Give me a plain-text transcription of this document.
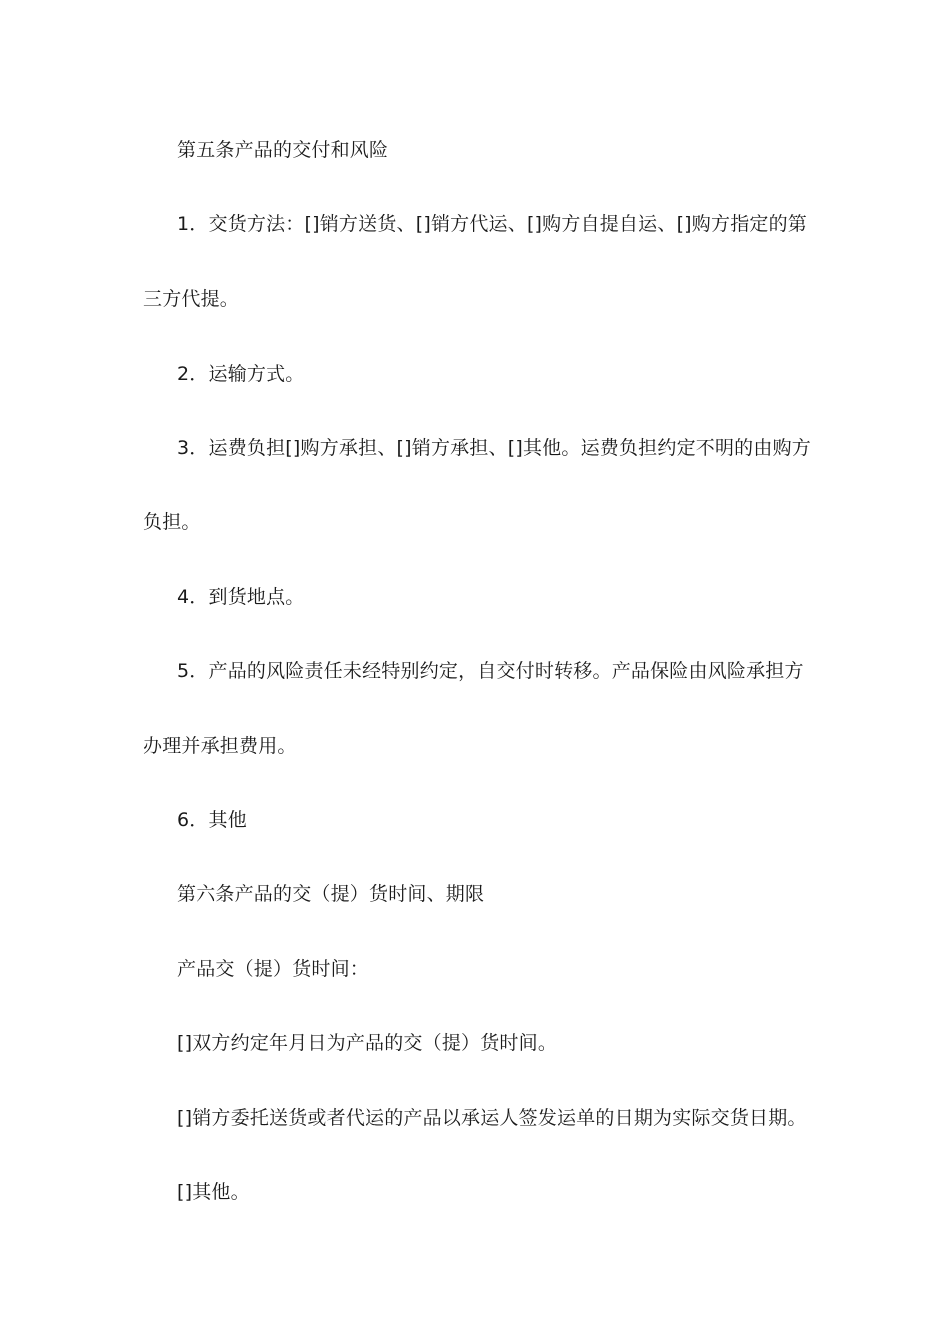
第五条产品的交付和风险
1．交货方法：[]销方送货、[]销方代运、[]购方自提自运、[]购方指定的第
三方代提。
2．运输方式。
3．运费负担[]购方承担、[]销方承担、[]其他。运费负担约定不明的由购方
负担。
4．到货地点。
5．产品的风险责任未经特别约定，自交付时转移。产品保险由风险承担方
办理并承担费用。
6．其他
第六条产品的交（提）货时间、期限
产品交（提）货时间：
[]双方约定年月日为产品的交（提）货时间。
[]销方委托送货或者代运的产品以承运人签发运单的日期为实际交货日期。
[]其他。
